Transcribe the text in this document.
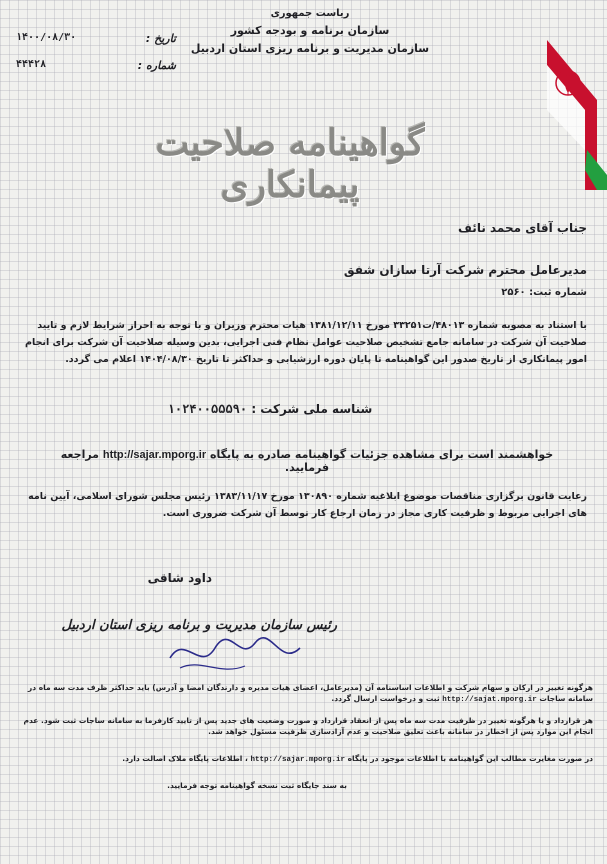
ریاست جمهوری
سازمان برنامه و بودجه کشور
سازمان مدیریت و برنامه ریزی استان اردبیل
۱۴۰۰/۰۸/۳۰	تاریخ :
۴۴۴۲۸	شماره :
گواهینامه صلاحیت پیمانکاری
جناب آقای محمد نائف
مدیرعامل محترم شرکت آرتا سازان شفق
شماره ثبت: ۲۵۶۰
با استناد به مصوبه شماره ۴۸۰۱۳/ت۳۳۲۵۱ مورخ ۱۳۸۱/۱۲/۱۱ هیات محترم وزیران و با توجه به احراز شرایط لازم و تایید صلاحیت آن شرکت در سامانه جامع تشخیص صلاحیت عوامل نظام فنی اجرایی، بدین وسیله صلاحیت آن شرکت برای انجام امور پیمانکاری از تاریخ صدور این گواهینامه تا پایان دوره ارزشیابی و حداکثر تا تاریخ ۱۴۰۴/۰۸/۳۰ اعلام می گردد.
شناسه ملی شرکت : ۱۰۲۴۰۰۵۵۵۹۰
خواهشمند است برای مشاهده جزئیات گواهینامه صادره به پایگاه http://sajar.mporg.ir مراجعه فرمایید.
رعایت قانون برگزاری مناقصات موضوع ابلاغیه شماره ۱۳۰۸۹۰ مورخ ۱۳۸۳/۱۱/۱۷ رئیس مجلس شورای اسلامی، آیین نامه های اجرایی مربوط و ظرفیت کاری مجاز در زمان ارجاع کار توسط آن شرکت ضروری است.
داود شاقی
رئیس سازمان مدیریت و برنامه ریزی استان اردبیل
هرگونه تغییر در ارکان و سهام شرکت و اطلاعات اساسنامه آن (مدیرعامل، اعضای هیات مدیره و دارندگان امضا و آدرس) باید حداکثر ظرف مدت سه ماه در سامانه ساجات http://sajat.mporg.ir ثبت و درخواست ارسال گردد.
هر قرارداد و یا هرگونه تغییر در ظرفیت مدت سه ماه پس از انعقاد قرارداد و صورت وضعیت های جدید پس از تایید کارفرما به سامانه ساجات ثبت شود. عدم انجام این موارد پس از اخطار در سامانه باعث تعلیق صلاحیت و عدم آزادسازی ظرفیت مسئول خواهد شد.
در صورت مغایرت مطالب این گواهینامه با اطلاعات موجود در پایگاه http://sajar.mporg.ir ، اطلاعات پایگاه ملاک اصالت دارد.
به سند جایگاه ثبت نسخه گواهینامه توجه فرمایید.
